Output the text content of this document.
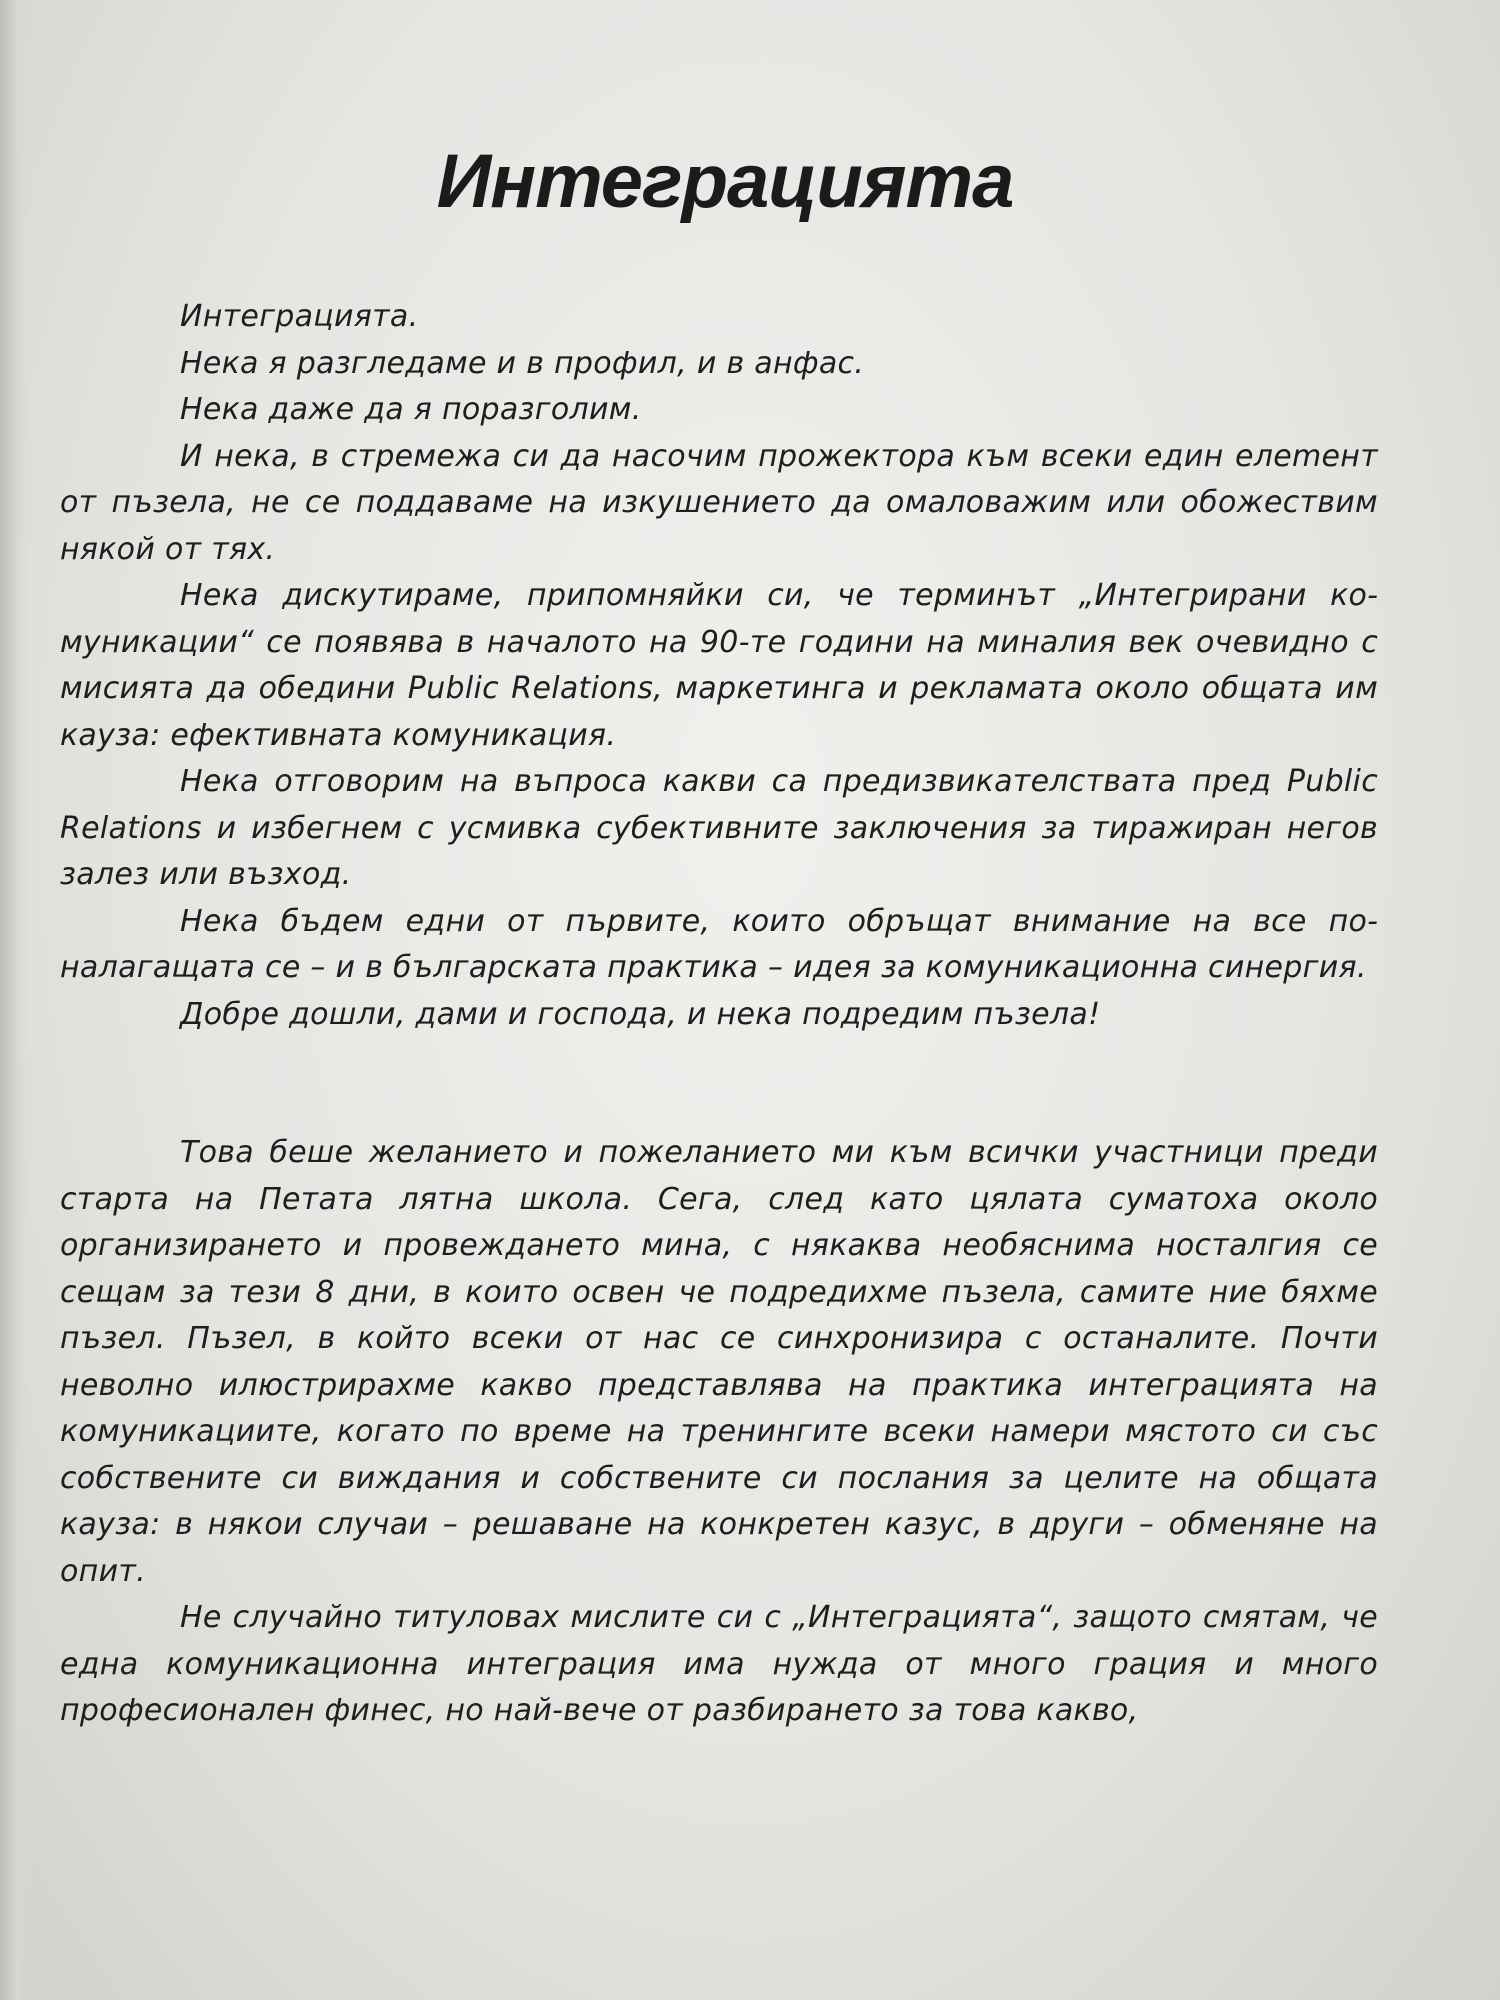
Интеграцията

Интеграцията.

Нека я разгледаме и в профил, и в анфас.

Нека даже да я поразголим.

И нека, в стремежа си да насочим прожектора към всеки един елеmент от пъзела, не се поддаваме на изкушението да омаловажим или обожествим някой от тях.

Нека дискутираме, припомняйки си, че терминът „Интегрирани комуникации“ се появява в началото на 90-те години на миналия век очевидно с мисията да обедини Public Relations, маркетинга и рекламата около общата им кауза: ефективната комуникация.

Нека отговорим на въпроса какви са предизвикателствата пред Public Relations и избегнем с усмивка субективните заключения за тиражиран негов залез или възход.

Нека бъдем едни от първите, които обръщат внимание на все поналагащата се – и в българската практика – идея за комуникационна синергия.

Добре дошли, дами и господа, и нека подредим пъзела!

Това беше желанието и пожеланието ми към всички участници преди старта на Петата лятна школа. Сега, след като цялата суматоха около организирането и провеждането мина, с някаква необяснима носталгия се сещам за тези 8 дни, в които освен че подредихме пъзела, самите ние бяхме пъзел. Пъзел, в който всеки от нас се синхронизира с останалите. Почти неволно илюстрирахме какво представлява на практика интеграцията на комуникациите, когато по време на тренингите всеки намери мястото си със собствените си виждания и собствените си послания за целите на общата кауза: в някои случаи – решаване на конкретен казус, в други – обменяне на опит.

Не случайно титуловах мислите си с „Интеграцията“, защото смятам, че една комуникационна интеграция има нужда от много грация и много професионален финес, но най-вече от разбирането за това какво,
